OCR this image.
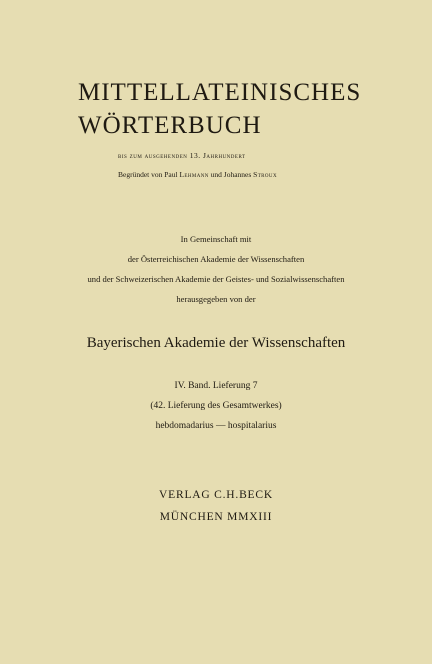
MITTELLATEINISCHES
WÖRTERBUCH
bis zum ausgehenden 13. Jahrhundert
Begründet von Paul Lehmann und Johannes Stroux
In Gemeinschaft mit
der Österreichischen Akademie der Wissenschaften
und der Schweizerischen Akademie der Geistes- und Sozialwissenschaften
herausgegeben von der
Bayerischen Akademie der Wissenschaften
IV. Band. Lieferung 7
(42. Lieferung des Gesamtwerkes)
hebdomadarius — hospitalarius
VERLAG C.H.BECK
MÜNCHEN MMXIII
